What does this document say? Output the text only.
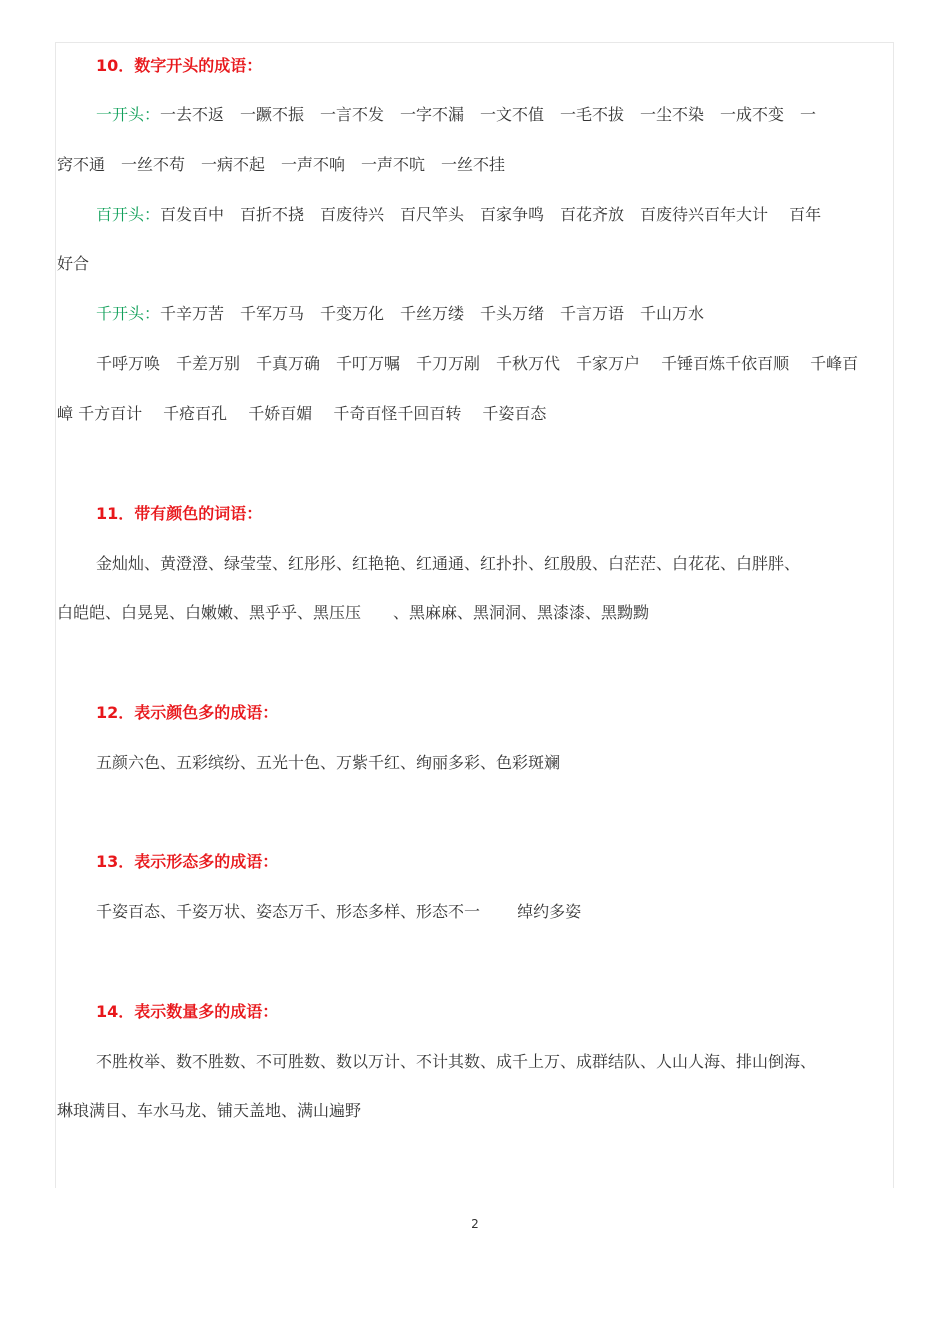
10．数字开头的成语：
一开头：一去不返　一蹶不振　一言不发　一字不漏　一文不值　一毛不拔　一尘不染　一成不变　一
窍不通　一丝不苟　一病不起　一声不响　一声不吭　一丝不挂
百开头：百发百中　百折不挠　百废待兴　百尺竿头　百家争鸣　百花齐放　百废待兴百年大计　 百年
好合
千开头：千辛万苦　千军万马　千变万化　千丝万缕　千头万绪　千言万语　千山万水
千呼万唤　千差万别　千真万确　千叮万嘱　千刀万剐　千秋万代　千家万户　 千锤百炼千依百顺　 千峰百
嶂 千方百计　 千疮百孔　 千娇百媚　 千奇百怪千回百转　 千姿百态
11．带有颜色的词语：
金灿灿、黄澄澄、绿莹莹、红彤彤、红艳艳、红通通、红扑扑、红殷殷、白茫茫、白花花、白胖胖、
白皑皑、白晃晃、白嫩嫩、黑乎乎、黑压压　　、黑麻麻、黑洞洞、黑漆漆、黑黝黝
12．表示颜色多的成语：
五颜六色、五彩缤纷、五光十色、万紫千红、绚丽多彩、色彩斑斓
13．表示形态多的成语：
千姿百态、千姿万状、姿态万千、形态多样、形态不一　　 绰约多姿
14．表示数量多的成语：
不胜枚举、数不胜数、不可胜数、数以万计、不计其数、成千上万、成群结队、人山人海、排山倒海、
琳琅满目、车水马龙、铺天盖地、满山遍野
2
